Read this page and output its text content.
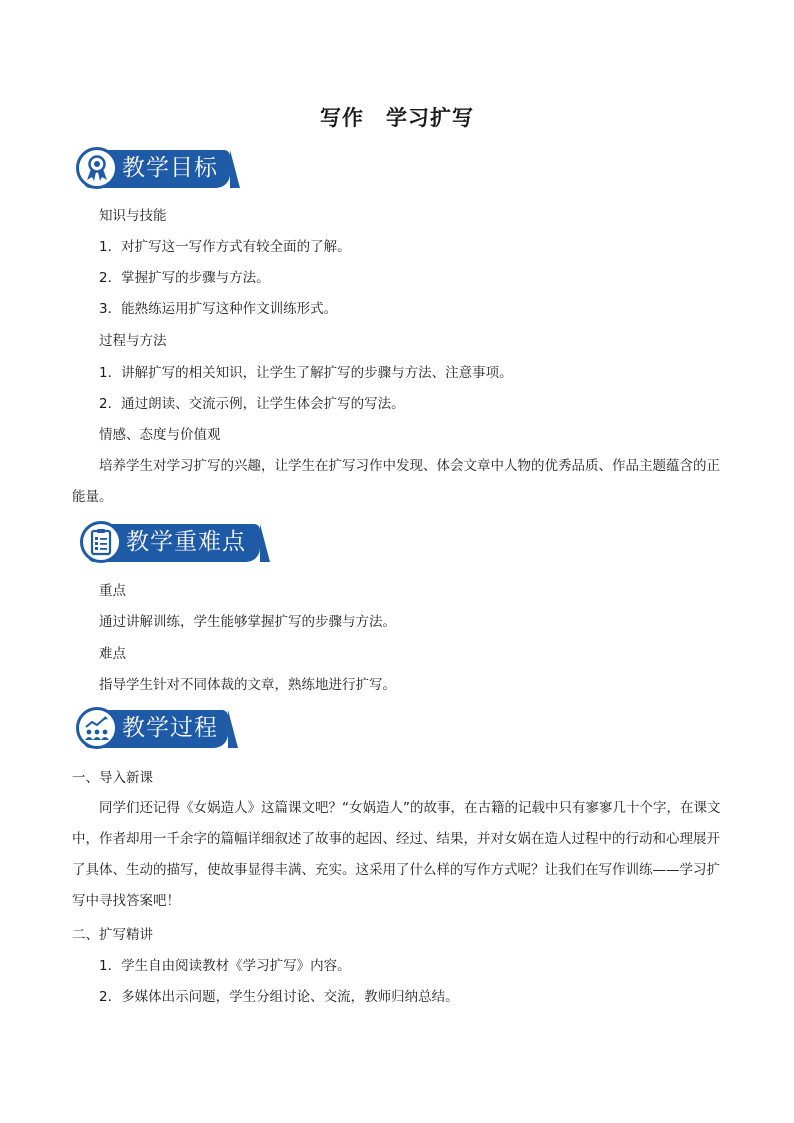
写作　学习扩写
教学目标
知识与技能
1．对扩写这一写作方式有较全面的了解。
2．掌握扩写的步骤与方法。
3．能熟练运用扩写这种作文训练形式。
过程与方法
1．讲解扩写的相关知识，让学生了解扩写的步骤与方法、注意事项。
2．通过朗读、交流示例，让学生体会扩写的写法。
情感、态度与价值观
培养学生对学习扩写的兴趣，让学生在扩写习作中发现、体会文章中人物的优秀品质、作品主题蕴含的正能量。
教学重难点
重点
通过讲解训练，学生能够掌握扩写的步骤与方法。
难点
指导学生针对不同体裁的文章，熟练地进行扩写。
教学过程
一、导入新课
同学们还记得《女娲造人》这篇课文吧？“女娲造人”的故事，在古籍的记载中只有寥寥几十个字，在课文中，作者却用一千余字的篇幅详细叙述了故事的起因、经过、结果，并对女娲在造人过程中的行动和心理展开了具体、生动的描写，使故事显得丰满、充实。这采用了什么样的写作方式呢？让我们在写作训练——学习扩写中寻找答案吧！
二、扩写精讲
1．学生自由阅读教材《学习扩写》内容。
2．多媒体出示问题，学生分组讨论、交流，教师归纳总结。
